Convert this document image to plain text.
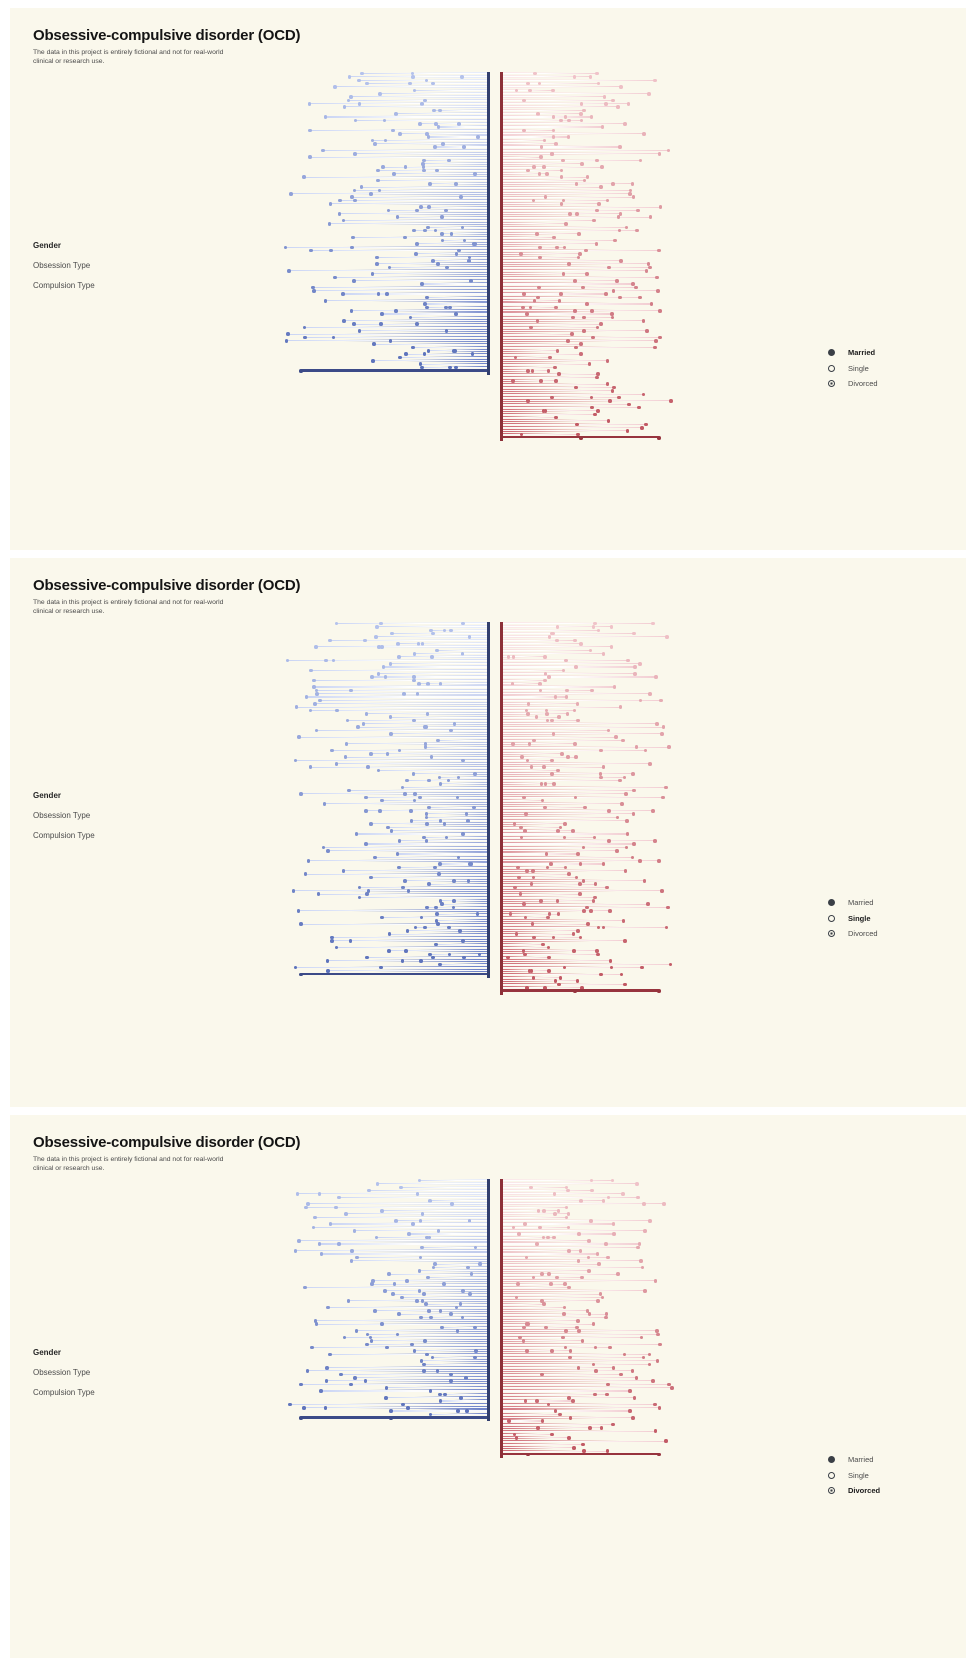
Obsessive-compulsive disorder (OCD)
The data in this project is entirely fictional and not for real-world clinical or research use.
Gender
Obsession Type
Compulsion Type
Married
Single
Divorced
Obsessive-compulsive disorder (OCD)
The data in this project is entirely fictional and not for real-world clinical or research use.
Gender
Obsession Type
Compulsion Type
Married
Single
Divorced
Obsessive-compulsive disorder (OCD)
The data in this project is entirely fictional and not for real-world clinical or research use.
Gender
Obsession Type
Compulsion Type
Married
Single
Divorced
